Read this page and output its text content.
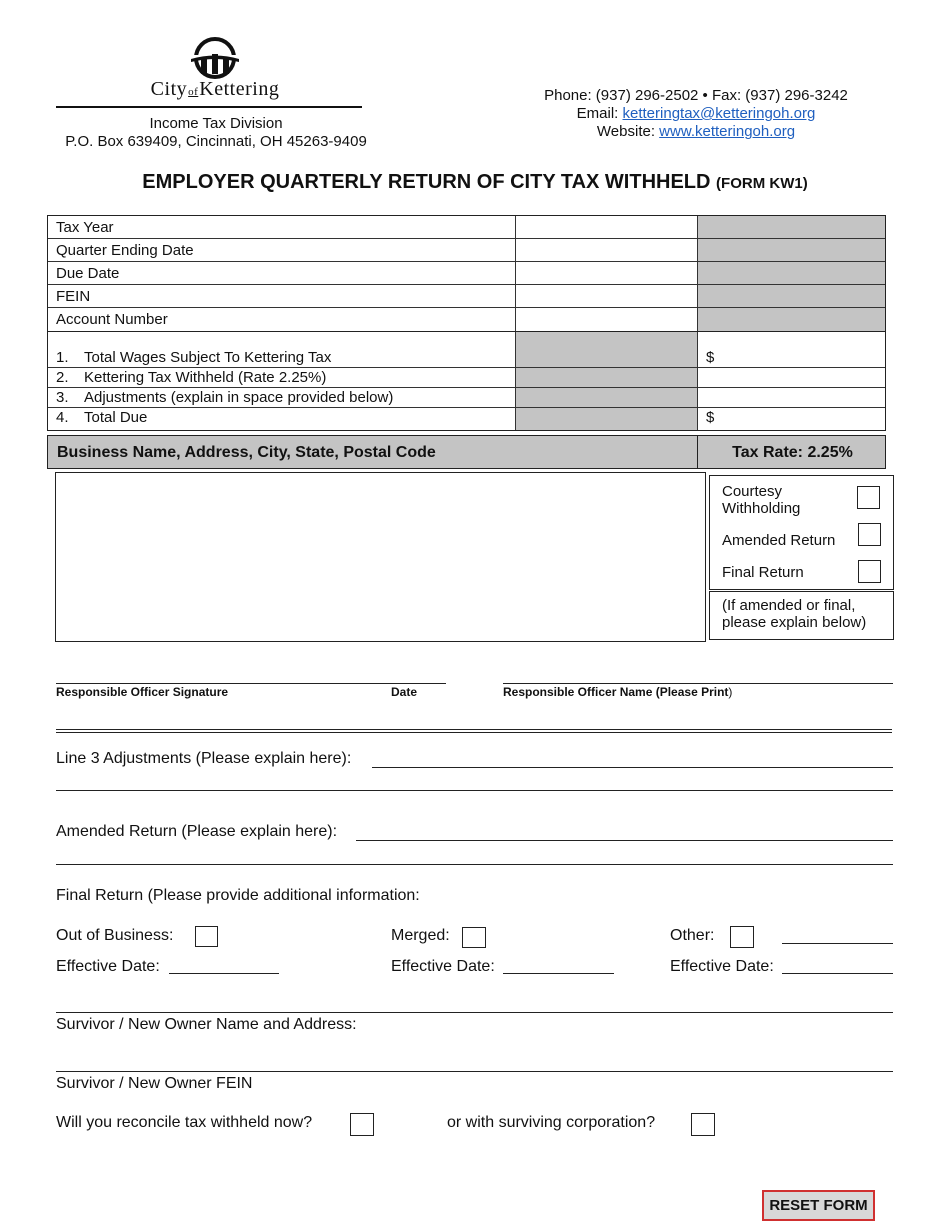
CityofKettering
Income Tax Division
P.O. Box 639409, Cincinnati, OH 45263-9409
Phone: (937) 296-2502 • Fax: (937) 296-3242
Email: ketteringtax@ketteringoh.org
Website: www.ketteringoh.org
EMPLOYER QUARTERLY RETURN OF CITY TAX WITHHELD (FORM KW1)
Tax Year
Quarter Ending Date
Due Date
FEIN
Account Number
1. Total Wages Subject To Kettering Tax	$
2. Kettering Tax Withheld (Rate 2.25%)
3. Adjustments (explain in space provided below)
4. Total Due	$
Business Name, Address, City, State, Postal Code	Tax Rate: 2.25%
Courtesy
Withholding
Amended Return
Final Return
(If amended or final,
please explain below)
Responsible Officer Signature	Date	Responsible Officer Name (Please Print)
Line 3 Adjustments (Please explain here):
Amended Return (Please explain here):
Final Return (Please provide additional information:
Out of Business:	Merged:	Other:
Effective Date:	Effective Date:	Effective Date:
Survivor / New Owner Name and Address:
Survivor / New Owner FEIN
Will you reconcile tax withheld now?	or with surviving corporation?
RESET FORM
